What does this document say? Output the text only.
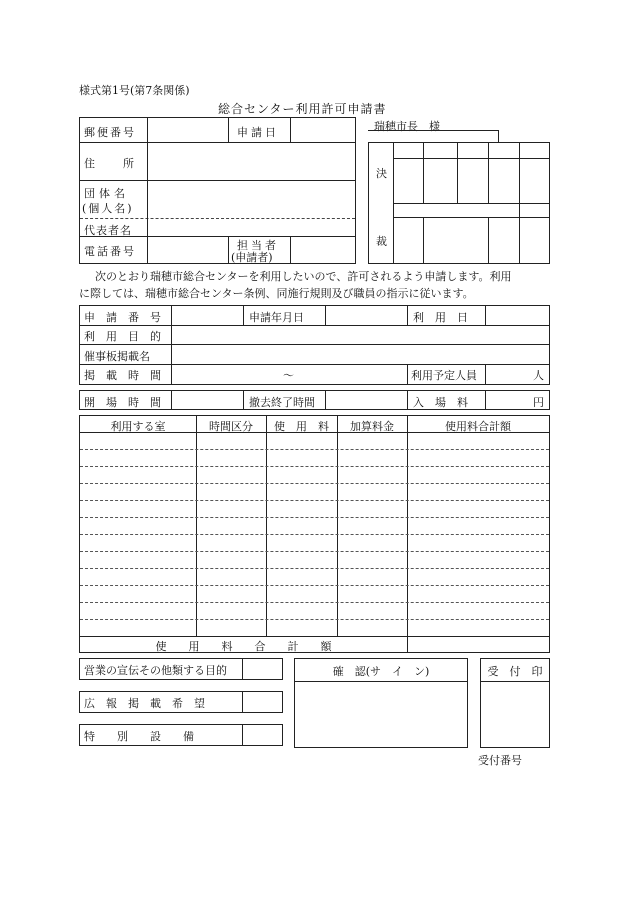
様式第1号(第7条関係)
総合センター利用許可申請書
郵便番号	申請日
住	所
団体名
(個人名)
代表者名
電話番号	担当者
(申請者)
瑞穂市長　様
決
裁
次のとおり瑞穂市総合センターを利用したいので、許可されるよう申請します。利用
に際しては、瑞穂市総合センター条例、同施行規則及び職員の指示に従います。
申　請　番　号	申請年月日	利　用　日
利　用　目　的
催事板掲載名
掲　載　時　間	〜	利用予定人員	人
開　場　時　間	撤去終了時間	入　場　料	円
利用する室	時間区分	使　用　料	加算料金	使用料合計額
使　　用　　料　　合　　計　　額
営業の宣伝その他類する目的
広　報　掲　載　希　望
特　　別　　設　　備
確　認(サ　イ　ン)	受　付　印
受付番号
